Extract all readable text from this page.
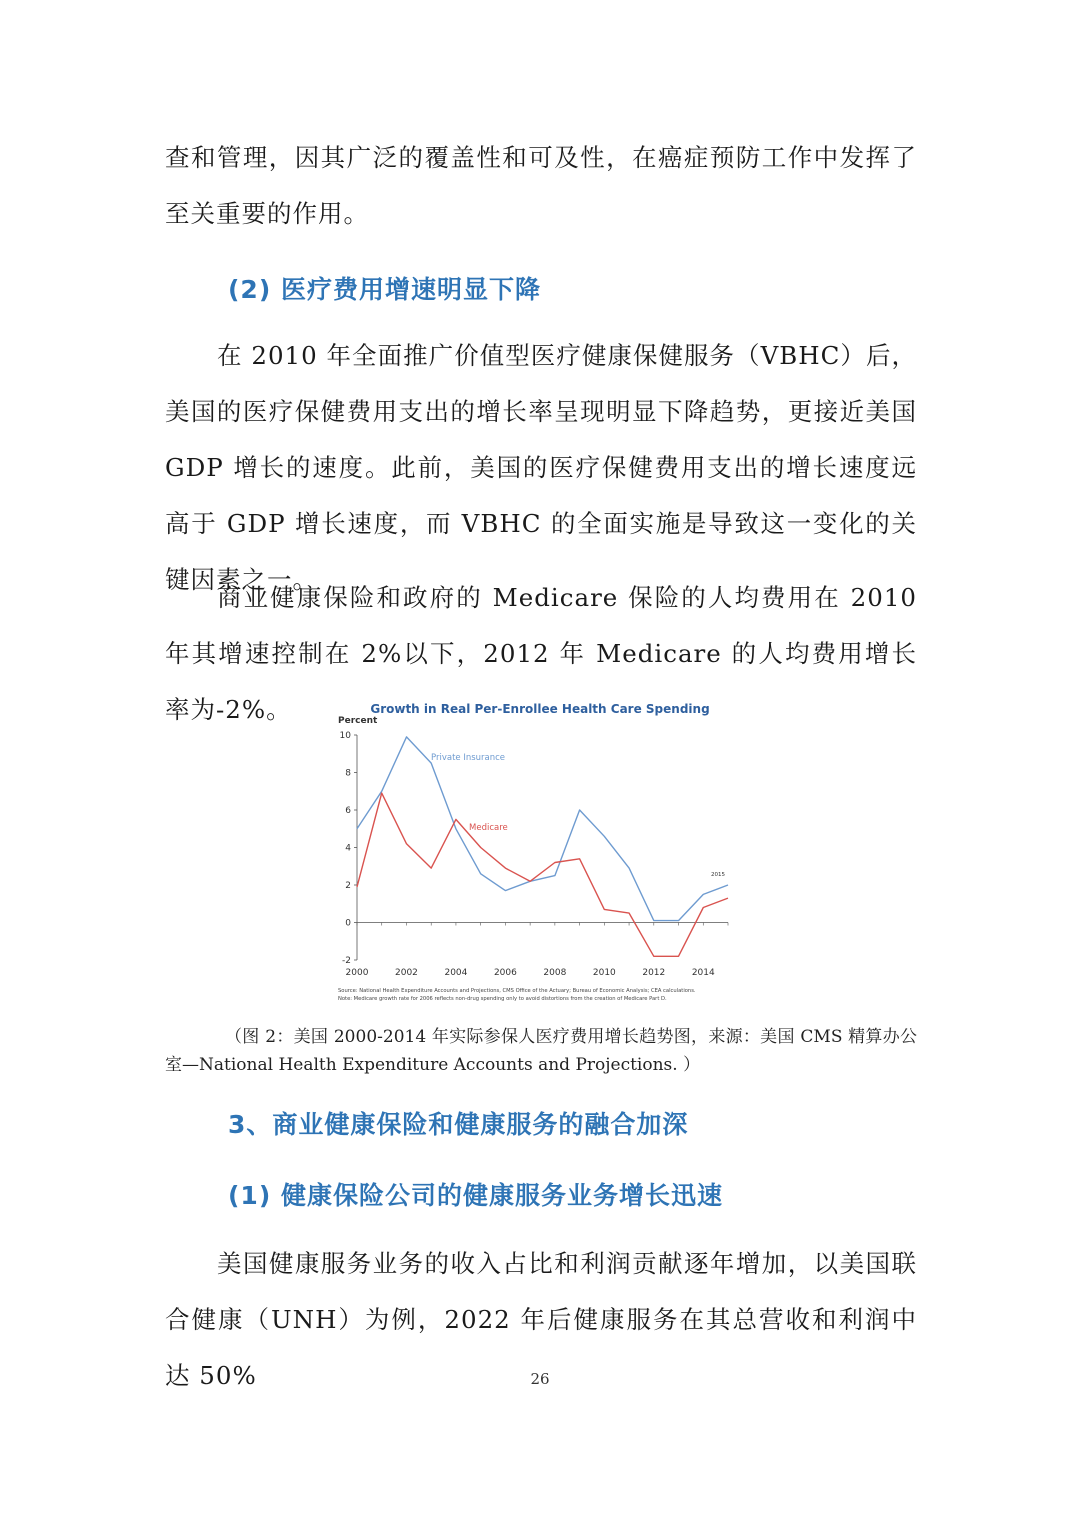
查和管理，因其广泛的覆盖性和可及性，在癌症预防工作中发挥了至关重要的作用。

(2) 医疗费用增速明显下降

在 2010 年全面推广价值型医疗健康保健服务（VBHC）后，美国的医疗保健费用支出的增长率呈现明显下降趋势，更接近美国 GDP 增长的速度。此前，美国的医疗保健费用支出的增长速度远高于 GDP 增长速度，而 VBHC 的全面实施是导致这一变化的关键因素之一。

商业健康保险和政府的 Medicare 保险的人均费用在 2010 年其增速控制在 2%以下，2012 年 Medicare 的人均费用增长率为-2%。	Growth in Real Per-Enrollee Health Care Spending
Percent
10
8
6
4
2
0
-2
2000	2002	2004	2006	2008	2010	2012	2014
Private Insurance
Medicare
2015
Source: National Health Expenditure Accounts and Projections, CMS Office of the Actuary; Bureau of Economic Analysis; CEA calculations.
Note: Medicare growth rate for 2006 reflects non-drug spending only to avoid distortions from the creation of Medicare Part D.

（图 2：美国 2000-2014 年实际参保人医疗费用增长趋势图，来源：美国 CMS 精算办公室—National Health Expenditure Accounts and Projections. ）

3、商业健康保险和健康服务的融合加深
(1) 健康保险公司的健康服务业务增长迅速

美国健康服务业务的收入占比和利润贡献逐年增加，以美国联合健康（UNH）为例，2022 年后健康服务在其总营收和利润中达 50%	26
